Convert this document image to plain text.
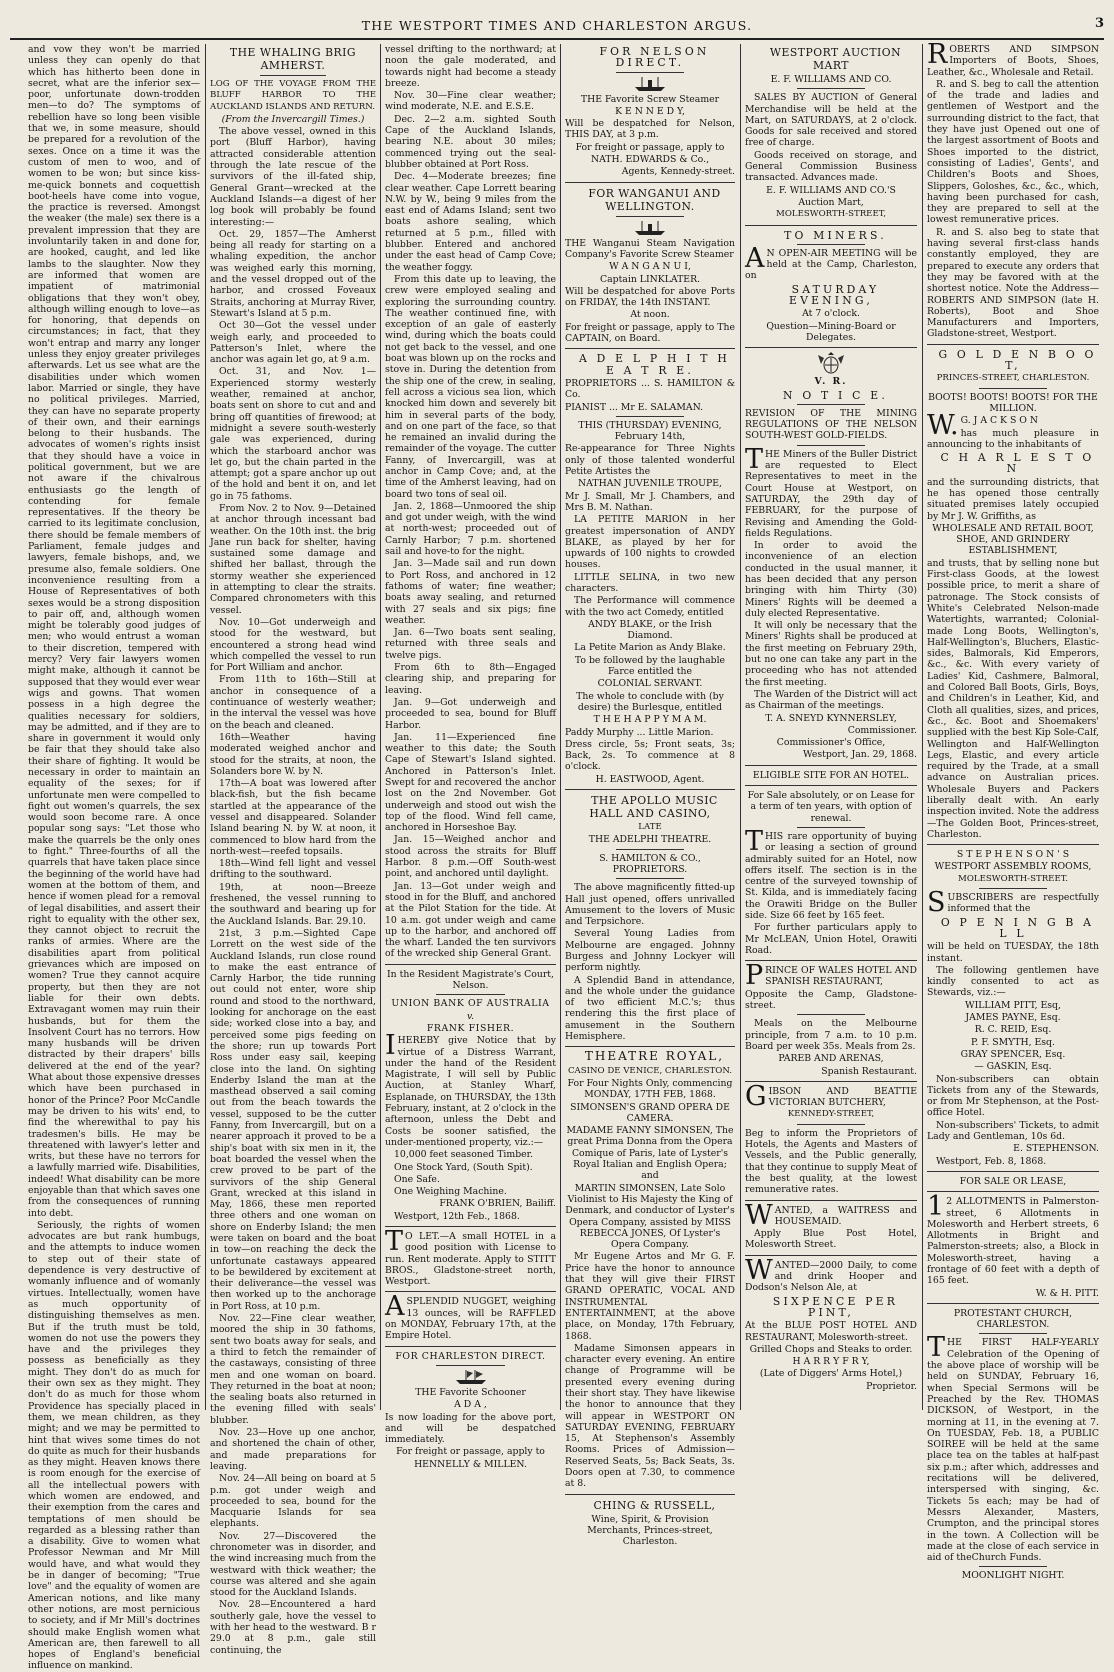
THE WESTPORT TIMES AND CHARLESTON ARGUS.	3

and vow they won't be married unless they can openly do that which has hitherto been done in secret, what are the inferior sex—poor, unfortunate down-trodden men—to do? The symptoms of rebellion have so long been visible that we, in some measure, should be prepared for a revolution of the sexes. Once on a time it was the custom of men to woo, and of women to be won; but since kiss-me-quick bonnets and coquettish boot-heels have come into vogue, the practice is reversed. Amongst the weaker (the male) sex there is a prevalent impression that they are involuntarily taken in and done for, are hooked, caught, and led like lambs to the slaughter. Now they are informed that women are impatient of matrimonial obligations that they won't obey, although willing enough to love—as for honoring, that depends on circumstances; in fact, that they won't entrap and marry any longer unless they enjoy greater privileges afterwards. Let us see what are the disabilities under which women labor. Married or single, they have no political privileges. Married, they can have no separate property of their own, and their earnings belong to their husbands. The advocates of women's rights insist that they should have a voice in political government, but we are not aware if the chivalrous enthusiasts go the length of contending for female representatives. If the theory be carried to its legitimate conclusion, there should be female members of Parliament, female judges and lawyers, female bishops, and, we presume also, female soldiers. One inconvenience resulting from a House of Representatives of both sexes would be a strong disposition to pair off, and, although women might be tolerably good judges of men; who would entrust a woman to their discretion, tempered with mercy? Very fair lawyers women might make, although it cannot be supposed that they would ever wear wigs and gowns. That women possess in a high degree the qualities necessary for soldiers, may be admitted, and if they are to share in government it would only be fair that they should take also their share of fighting. It would be necessary in order to maintain an equality of the sexes; for if unfortunate men were compelled to fight out women's quarrels, the sex would soon become rare. A once popular song says: "Let those who make the quarrels be the only ones to fight." Three-fourths of all the quarrels that have taken place since the beginning of the world have had women at the bottom of them, and hence if women plead for a removal of legal disabilities, and assert their right to equality with the other sex, they cannot object to recruit the ranks of armies. Where are the disabilities apart from political grievances which are imposed on women? True they cannot acquire property, but then they are not liable for their own debts. Extravagant women may ruin their husbands, but for them the Insolvent Court has no terrors. How many husbands will be driven distracted by their drapers' bills delivered at the end of the year? What about those expensive dresses which have been purchased in honor of the Prince? Poor McCandle may be driven to his wits' end, to find the wherewithal to pay his tradesmen's bills. He may be threatened with lawyer's letter and writs, but these have no terrors for a lawfully married wife. Disabilities, indeed! What disability can be more enjoyable than that which saves one from the consequences of running into debt.

Seriously, the rights of women advocates are but rank humbugs, and the attempts to induce women to step out of their state of dependence is very destructive of womanly influence and of womanly virtues. Intellectually, women have as much opportunity of distinguishing themselves as men. But if the truth must be told, women do not use the powers they have and the privileges they possess as beneficially as they might. They don't do as much for their own sex as they might. They don't do as much for those whom Providence has specially placed in them, we mean children, as they might; and we may be permitted to hint that wives some times do not do quite as much for their husbands as they might. Heaven knows there is room enough for the exercise of all the intellectual powers with which women are endowed, and their exemption from the cares and temptations of men should be regarded as a blessing rather than a disability. Give to women what Professor Newman and Mr Mill would have, and what would they be in danger of becoming; "True love" and the equality of women are American notions, and like many other notions, are most pernicious to society, and if Mr Mill's doctrines should make English women what American are, then farewell to all hopes of England's beneficial influence on mankind.

THE WHALING BRIG AMHERST.

LOG OF THE VOYAGE FROM THE BLUFF HARBOR TO THE AUCKLAND ISLANDS AND RETURN.

(From the Invercargill Times.)

The above vessel, owned in this port (Bluff Harbor), having attracted considerable attention through the late rescue of the survivors of the ill-fated ship, General Grant—wrecked at the Auckland Islands—a digest of her log book will probably be found interesting:—

Oct. 29, 1857—The Amherst being all ready for starting on a whaling expedition, the anchor was weighed early this morning, and the vessel dropped out of the harbor, and crossed Foveaux Straits, anchoring at Murray River, Stewart's Island at 5 p.m.

Oct 30—Got the vessel under weigh early, and proceeded to Patterson's Inlet, where the anchor was again let go, at 9 a.m.

Oct. 31, and Nov. 1—Experienced stormy westerly weather, remained at anchor, boats sent on shore to cut and and bring off quantities of firewood; at midnight a severe south-westerly gale was experienced, during which the starboard anchor was let go, but the chain parted in the attempt; got a spare anchor up out of the hold and bent it on, and let go in 75 fathoms.

From Nov. 2 to Nov. 9—Detained at anchor through incessant bad weather. On the 10th inst. the brig Jane run back for shelter, having sustained some damage and shifted her ballast, through the stormy weather she experienced in attempting to clear the straits. Compared chronometers with this vessel.

Nov. 10—Got underweigh and stood for the westward, but encountered a strong head wind which compelled the vessel to run for Port William and anchor.

From 11th to 16th—Still at anchor in consequence of a continuance of westerly weather; in the interval the vessel was hove on the beach and cleaned.

16th—Weather having moderated weighed anchor and stood for the straits, at noon, the Solanders bore W. by N.

17th—A boat was lowered after black-fish, but the fish became startled at the appearance of the vessel and disappeared. Solander Island bearing N. by W. at noon, it commenced to blow hard from the north-west—reefed topsails.

18th—Wind fell light and vessel drifting to the southward.

19th, at noon—Breeze freshened, the vessel running to the southward and bearing up for the Auckland Islands. Bar. 29.10.

21st, 3 p.m.—Sighted Cape Lorrett on the west side of the Auckland Islands, run close round to make the east entrance of Carnly Harbor, the tide running out could not enter, wore ship round and stood to the northward, looking for anchorage on the east side; worked close into a bay, and perceived some pigs feeding on the shore; run up towards Port Ross under easy sail, keeping close into the land. On sighting Enderby Island the man at the masthead observed a sail coming out from the beach towards the vessel, supposed to be the cutter Fanny, from Invercargill, but on a nearer approach it proved to be a ship's boat with six men in it, the boat boarded the vessel when the crew proved to be part of the survivors of the ship General Grant, wrecked at this island in May, 1866, these men reported three others and one woman on shore on Enderby Island; the men were taken on board and the boat in tow—on reaching the deck the unfortunate castaways appeared to be bewildered by excitement at their deliverance—the vessel was then worked up to the anchorage in Port Ross, at 10 p.m.

Nov. 22—Fine clear weather, moored the ship in 30 fathoms, sent two boats away for seals, and a third to fetch the remainder of the castaways, consisting of three men and one woman on board. They returned in the boat at noon; the sealing boats also returned in the evening filled with seals' blubber.

Nov. 23—Hove up one anchor, and shortened the chain of other, and made preparations for leaving.

Nov. 24—All being on board at 5 p.m. got under weigh and proceeded to sea, bound for the Macquarie Islands for sea elephants.

Nov. 27—Discovered the chronometer was in disorder, and the wind increasing much from the westward with thick weather; the course was altered and she again stood for the Auckland Islands.

Nov. 28—Encountered a hard southerly gale, hove the vessel to with her head to the westward. B r 29.0 at 8 p.m., gale still continuing, the

vessel drifting to the northward; at noon the gale moderated, and towards night had become a steady breeze.

Nov. 30—Fine clear weather; wind moderate, N.E. and E.S.E.

Dec. 2—2 a.m. sighted South Cape of the Auckland Islands, bearing N.E. about 30 miles; commenced trying out the seal-blubber obtained at Port Ross.

Dec. 4—Moderate breezes; fine clear weather. Cape Lorrett bearing N.W. by W., being 9 miles from the east end of Adams Island; sent two boats ashore sealing, which returned at 5 p.m., filled with blubber. Entered and anchored under the east head of Camp Cove; the weather foggy.

From this date up to leaving, the crew were employed sealing and exploring the surrounding country. The weather continued fine, with exception of an gale of easterly wind, during which the boats could not get back to the vessel, and one boat was blown up on the rocks and stove in. During the detention from the ship one of the crew, in sealing, fell across a vicious sea lion, which knocked him down and severely bit him in several parts of the body, and on one part of the face, so that he remained an invalid during the remainder of the voyage. The cutter Fanny, of Invercargill, was at anchor in Camp Cove; and, at the time of the Amherst leaving, had on board two tons of seal oil.

Jan. 2, 1868—Unmoored the ship and got under weigh, with the wind at north-west; proceeded out of Carnly Harbor; 7 p.m. shortened sail and hove-to for the night.

Jan. 3—Made sail and run down to Port Ross, and anchored in 12 fathoms of water; fine weather; boats away sealing, and returned with 27 seals and six pigs; fine weather.

Jan. 6—Two boats sent sealing, returned with three seals and twelve pigs.

From 6th to 8th—Engaged clearing ship, and preparing for leaving.

Jan. 9—Got underweigh and proceeded to sea, bound for Bluff Harbor.

Jan. 11—Experienced fine weather to this date; the South Cape of Stewart's Island sighted. Anchored in Patterson's Inlet. Swept for and recovered the anchor lost on the 2nd November. Got underweigh and stood out wish the top of the flood. Wind fell came, anchored in Horseshoe Bay.

Jan. 15—Weighed anchor and stood across the straits for Bluff Harbor. 8 p.m.—Off South-west point, and anchored until daylight.

Jan. 13—Got under weigh and stood in for the Bluff, and anchored at the Pilot Station for the tide. At 10 a.m. got under weigh and came up to the harbor, and anchored off the wharf. Landed the ten survivors of the wrecked ship General Grant.

In the Resident Magistrate's Court, Nelson.

UNION BANK OF AUSTRALIA

v.

FRANK FISHER.

IHEREBY give Notice that by virtue of a Distress Warrant, under the hand of the Resident Magistrate, I will sell by Public Auction, at Stanley Wharf, Esplanade, on THURSDAY, the 13th February, instant, at 2 o'clock in the afternoon, unless the Debt and Costs be sooner satisfied, the under-mentioned property, viz.:—

10,000 feet seasoned Timber.

One Stock Yard, (South Spit).

One Safe.

One Weighing Machine.

FRANK O'BRIEN, Bailiff.

Westport, 12th Feb., 1868.

TO LET.—A small HOTEL in a good position with License to run. Rent moderate. Apply to STITT BROS., Gladstone-street north, Westport.

ASPLENDID NUGGET, weighing 13 ounces, will be RAFFLED on MONDAY, February 17th, at the Empire Hotel.

FOR CHARLESTON DIRECT.

THE Favorite Schooner

A D A ,

Is now loading for the above port, and will be despatched immediately.

For freight or passage, apply to

HENNELLY & MILLEN.

FOR NELSON DIRECT.

THE Favorite Screw Steamer

K E N N E D Y,

Will be despatched for Nelson, THIS DAY, at 3 p.m.

For freight or passage, apply to

NATH. EDWARDS & Co.,

Agents, Kennedy-street.

FOR WANGANUI AND WELLINGTON.

THE Wanganui Steam Navigation Company's Favorite Screw Steamer

W A N G A N U I,

Captain LINKLATER.

Will be despatched for above Ports on FRIDAY, the 14th INSTANT.

At noon.

For freight or passage, apply to The CAPTAIN, on Board.

A D E L P H I T H E A T R E.

PROPRIETORS ... S. HAMILTON & Co.

PIANIST ... Mr E. SALAMAN.

THIS (THURSDAY) EVENING, February 14th,

Re-appearance for Three Nights only of those talented wonderful Petite Artistes the

NATHAN JUVENILE TROUPE,

Mr J. Small, Mr J. Chambers, and Mrs B. M. Nathan.

LA PETITE MARION in her greatest impersonation of ANDY BLAKE, as played by her for upwards of 100 nights to crowded houses.

LITTLE SELINA, in two new characters.

The Performance will commence with the two act Comedy, entitled

ANDY BLAKE, or the Irish Diamond.

La Petite Marion as Andy Blake.

To be followed by the laughable Farce entitled the

COLONIAL SERVANT.

The whole to conclude with (by desire) the Burlesque, entitled

T H E H A P P Y M A M.

Paddy Murphy ... Little Marion.

Dress circle, 5s; Front seats, 3s; Back, 2s. To commence at 8 o'clock.

H. EASTWOOD, Agent.

THE APOLLO MUSIC HALL AND CASINO,

LATE

THE ADELPHI THEATRE.

S. HAMILTON & CO., PROPRIETORS.

The above magnificently fitted-up Hall just opened, offers unrivalled Amusement to the lovers of Music and Terpsichore.

Several Young Ladies from Melbourne are engaged. Johnny Burgess and Johnny Lockyer will perform nightly.

A Splendid Band in attendance, and the whole under the guidance of two efficient M.C.'s; thus rendering this the first place of amusement in the Southern Hemisphere.

THEATRE ROYAL,

CASINO DE VENICE, CHARLESTON.

For Four Nights Only, commencing MONDAY, 17TH FEB, 1868.

SIMONSEN'S GRAND OPERA DE CAMERA.

MADAME FANNY SIMONSEN, The great Prima Donna from the Opera Comique of Paris, late of Lyster's Royal Italian and English Opera; and

MARTIN SIMONSEN, Late Solo Violinist to His Majesty the King of Denmark, and conductor of Lyster's Opera Company, assisted by MISS REBECCA JONES, Of Lyster's Opera Company.

Mr Eugene Artos and Mr G. F. Price have the honor to announce that they will give their FIRST GRAND OPERATIC, VOCAL AND INSTRUMENTAL ENTERTAINMENT, at the above place, on Monday, 17th February, 1868.

Madame Simonsen appears in character every evening. An entire change of Programme will be presented every evening during their short stay. They have likewise the honor to announce that they will appear in WESTPORT ON SATURDAY EVENING, FEBRUARY 15, At Stephenson's Assembly Rooms. Prices of Admission—Reserved Seats, 5s; Back Seats, 3s. Doors open at 7.30, to commence at 8.

CHING & RUSSELL,

Wine, Spirit, & Provision Merchants, Princes-street, Charleston.

WESTPORT AUCTION MART

E. F. WILLIAMS AND CO.

SALES BY AUCTION of General Merchandise will be held at the Mart, on SATURDAYS, at 2 o'clock. Goods for sale received and stored free of charge.

Goods received on storage, and General Commission Business transacted. Advances made.

E. F. WILLIAMS AND CO.'S

Auction Mart,

MOLESWORTH-STREET,

TO MINERS.

AN OPEN-AIR MEETING will be held at the Camp, Charleston, on

SATURDAY EVENING,

At 7 o'clock.

Question—Mining-Board or Delegates.

V. R.

N O T I C E.

REVISION OF THE MINING REGULATIONS OF THE NELSON SOUTH-WEST GOLD-FIELDS.

THE Miners of the Buller District are requested to Elect Representatives to meet in the Court House at Westport, on SATURDAY, the 29th day of FEBRUARY, for the purpose of Revising and Amending the Gold-fields Regulations.

In order to avoid the inconvenience of an election conducted in the usual manner, it has been decided that any person bringing with him Thirty (30) Miners' Rights will be deemed a duly elected Representative.

It will only be necessary that the Miners' Rights shall be produced at the first meeting on February 29th, but no one can take any part in the proceeding who has not attended the first meeting.

The Warden of the District will act as Chairman of the meetings.

T. A. SNEYD KYNNERSLEY,

Commissioner.

Commissioner's Office,

Westport, Jan. 29, 1868.

ELIGIBLE SITE FOR AN HOTEL.

For Sale absolutely, or on Lease for a term of ten years, with option of renewal.

THIS rare opportunity of buying or leasing a section of ground admirably suited for an Hotel, now offers itself. The section is in the centre of the surveyed township of St. Kilda, and is immediately facing the Orawiti Bridge on the Buller side. Size 66 feet by 165 feet.

For further particulars apply to Mr McLEAN, Union Hotel, Orawiti Road.

PRINCE OF WALES HOTEL AND SPANISH RESTAURANT,

Opposite the Camp, Gladstone-street.

Meals on the Melbourne principle, from 7 a.m. to 10 p.m. Board per week 35s. Meals from 2s.

PAREB AND ARENAS,

Spanish Restaurant.

GIBSON AND BEATTIE VICTORIAN BUTCHERY,

KENNEDY-STREET,

Beg to inform the Proprietors of Hotels, the Agents and Masters of Vessels, and the Public generally, that they continue to supply Meat of the best quality, at the lowest remunerative rates.

WANTED, a WAITRESS and HOUSEMAID.

Apply Blue Post Hotel, Molesworth Street.

WANTED—2000 Daily, to come and drink Hooper and Dodson's Nelson Ale, at

SIXPENCE PER PINT,

At the BLUE POST HOTEL AND RESTAURANT, Molesworth-street.

Grilled Chops and Steaks to order.

H A R R Y F R Y,

(Late of Diggers' Arms Hotel,)

Proprietor.

ROBERTS AND SIMPSON Importers of Boots, Shoes, Leather, &c., Wholesale and Retail.

R. and S. beg to call the attention of the trade and ladies and gentlemen of Westport and the surrounding district to the fact, that they have just Opened out one of the largest assortment of Boots and Shoes imported to the district, consisting of Ladies', Gents', and Children's Boots and Shoes, Slippers, Goloshes, &c., &c., which, having been purchased for cash, they are prepared to sell at the lowest remunerative prices.

R. and S. also beg to state that having several first-class hands constantly employed, they are prepared to execute any orders that they may be favored with at the shortest notice. Note the Address—ROBERTS AND SIMPSON (late H. Roberts), Boot and Shoe Manufacturers and Importers, Gladstone-street, Westport.

G O L D E N B O O T,

PRINCES-STREET, CHARLESTON.

BOOTS! BOOTS! BOOTS! FOR THE MILLION.

W.G. J A C K S O N

has much pleasure in announcing to the inhabitants of

C H A R L E S T O N

and the surrounding districts, that he has opened those centrally situated premises lately occupied by Mr J. W. Griffiths, as

WHOLESALE AND RETAIL BOOT, SHOE, AND GRINDERY ESTABLISHMENT,

and trusts, that by selling none but First-class Goods, at the lowest possible price, to merit a share of patronage. The Stock consists of White's Celebrated Nelson-made Watertights, warranted; Colonial-made Long Boots, Wellington's, Half-Wellington's, Bluchers, Elastic-sides, Balmorals, Kid Emperors, &c., &c. With every variety of Ladies' Kid, Cashmere, Balmoral, and Colored Ball Boots, Girls, Boys, and Children's in Leather, Kid, and Cloth all qualities, sizes, and prices, &c., &c. Boot and Shoemakers' supplied with the best Kip Sole-Calf, Wellington and Half-Wellington Legs, Elastic, and every article required by the Trade, at a small advance on Australian prices. Wholesale Buyers and Packers liberally dealt with. An early inspection invited. Note the address—The Golden Boot, Princes-street, Charleston.

S T E P H E N S O N ' S

WESTPORT ASSEMBLY ROOMS,

MOLESWORTH-STREET.

SUBSCRIBERS are respectfully informed that the

O P E N I N G B A L L

will be held on TUESDAY, the 18th instant.

The following gentlemen have kindly consented to act as Stewards, viz.:—

WILLIAM PITT, Esq,

JAMES PAYNE, Esq.

R. C. REID, Esq.

P. F. SMYTH, Esq.

GRAY SPENCER, Esq.

— GASKIN, Esq.

Non-subscribers can obtain Tickets from any of the Stewards, or from Mr Stephenson, at the Post-office Hotel.

Non-subscribers' Tickets, to admit Lady and Gentleman, 10s 6d.

E. STEPHENSON.

Westport, Feb. 8, 1868.

FOR SALE OR LEASE,

12 ALLOTMENTS in Palmerston-street, 6 Allotments in Molesworth and Herbert streets, 6 Allotments in Bright and Palmerston-streets; also, a Block in Molesworth-street, having a frontage of 60 feet with a depth of 165 feet.

W. & H. PITT.

PROTESTANT CHURCH, CHARLESTON.

THE FIRST HALF-YEARLY Celebration of the Opening of the above place of worship will be held on SUNDAY, February 16, when Special Sermons will be Preached by the Rev. THOMAS DICKSON, of Westport, in the morning at 11, in the evening at 7. On TUESDAY, Feb. 18, a PUBLIC SOIREE will be held at the same place tea on the tables at half-past six p.m.; after which, addresses and recitations will be delivered, interspersed with singing, &c. Tickets 5s each; may be had of Messrs Alexander, Masters, Crumpton, and the principal stores in the town. A Collection will be made at the close of each service in aid of theChurch Funds.

MOONLIGHT NIGHT.
